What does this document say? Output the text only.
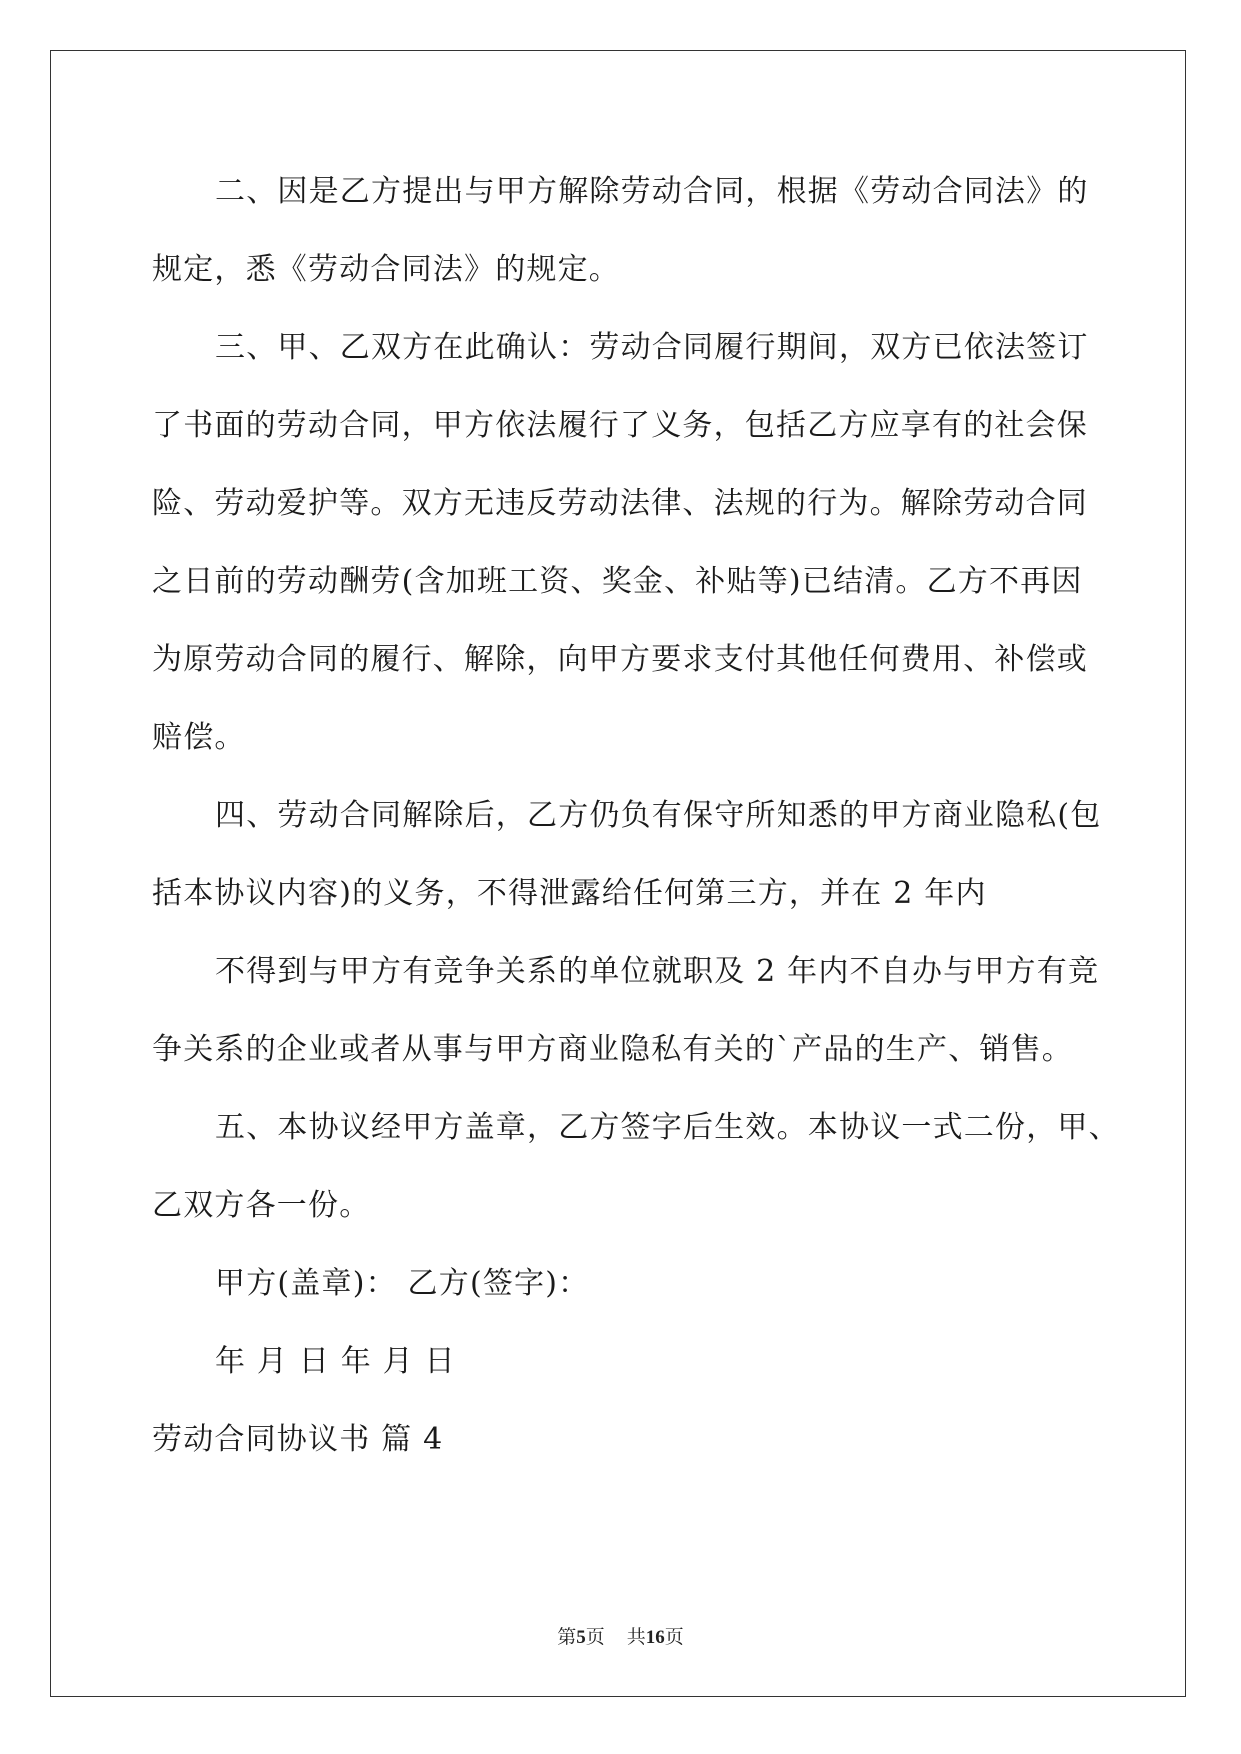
二、因是乙方提出与甲方解除劳动合同，根据《劳动合同法》的
规定，悉《劳动合同法》的规定。
三、甲、乙双方在此确认：劳动合同履行期间，双方已依法签订
了书面的劳动合同，甲方依法履行了义务，包括乙方应享有的社会保
险、劳动爱护等。双方无违反劳动法律、法规的行为。解除劳动合同
之日前的劳动酬劳(含加班工资、奖金、补贴等)已结清。乙方不再因
为原劳动合同的履行、解除，向甲方要求支付其他任何费用、补偿或
赔偿。
四、劳动合同解除后，乙方仍负有保守所知悉的甲方商业隐私(包
括本协议内容)的义务，不得泄露给任何第三方，并在 2 年内
不得到与甲方有竞争关系的单位就职及 2 年内不自办与甲方有竞
争关系的企业或者从事与甲方商业隐私有关的`产品的生产、销售。
五、本协议经甲方盖章，乙方签字后生效。本协议一式二份，甲、
乙双方各一份。
甲方(盖章)： 乙方(签字)：
年 月 日 年 月 日
劳动合同协议书 篇 4
第5页 共16页
